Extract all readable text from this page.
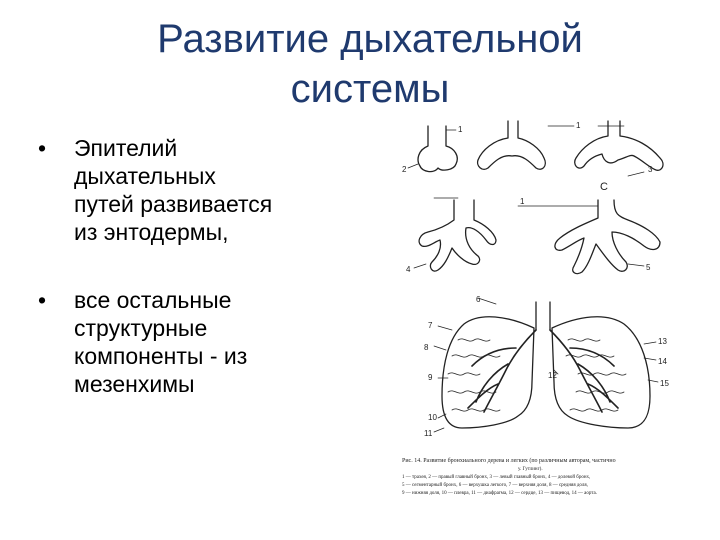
Развитие дыхательной
системы
• Эпителий
дыхательных
путей развивается
из энтодермы,
• все остальные
структурные
компоненты - из
мезенхимы
1
2
1
3
С
1
4	5
6
7
8
9
10
11
12
13
14
15
Рис. 14. Развитие бронхиального дерева и легких (по различным авторам, частично
у. Гутлинг).
1 — трахея, 2 — правый главный бронх, 3 — левый главный бронх, 4 — долевой бронх,
5 — сегментарный бронх, 6 — верхушка легкого, 7 — верхняя доля, 8 — средняя доля,
9 — нижняя доля, 10 — плевра, 11 — диафрагма, 12 — сердце, 13 — пищевод, 14 — аорта.
